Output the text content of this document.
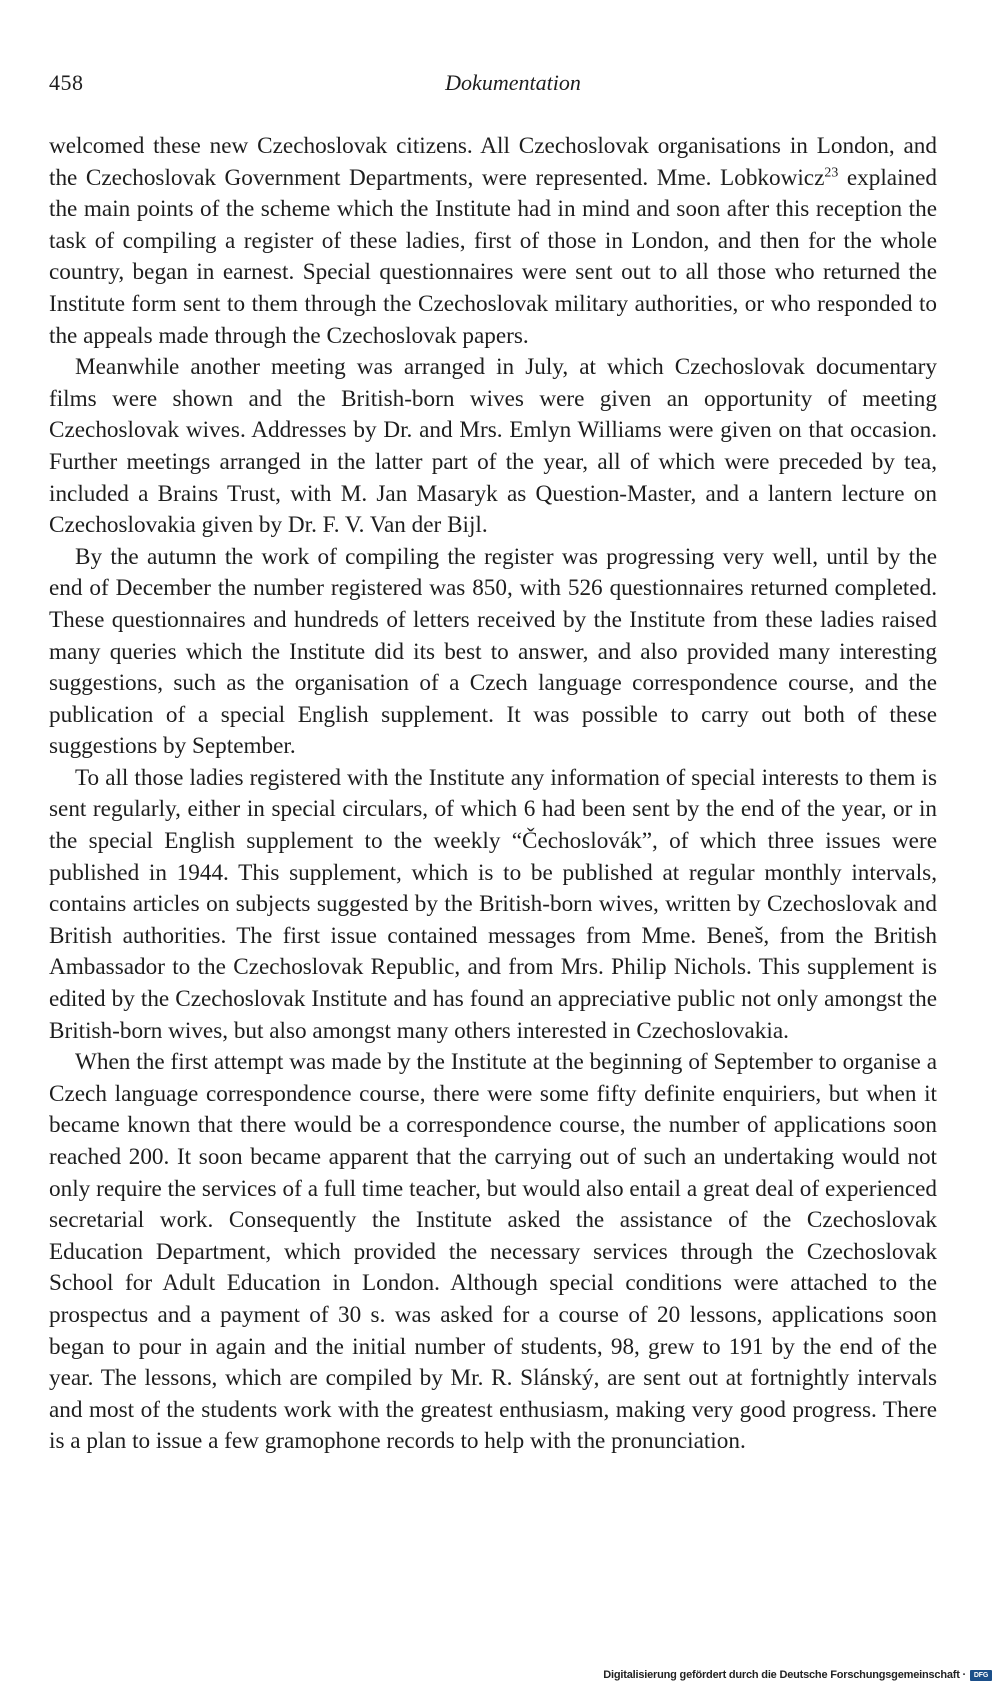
458	Dokumentation

welcomed these new Czechoslovak citizens. All Czechoslovak organisations in London, and the Czechoslovak Government Departments, were represented. Mme. Lobkowicz$^{23}$ explained the main points of the scheme which the Institute had in mind and soon after this reception the task of compiling a register of these ladies, first of those in London, and then for the whole country, began in earnest. Special questionnaires were sent out to all those who returned the Institute form sent to them through the Czechoslovak military authorities, or who responded to the appeals made through the Czechoslovak papers.

Meanwhile another meeting was arranged in July, at which Czechoslovak documentary films were shown and the British-born wives were given an opportunity of meeting Czechoslovak wives. Addresses by Dr. and Mrs. Emlyn Williams were given on that occasion. Further meetings arranged in the latter part of the year, all of which were preceded by tea, included a Brains Trust, with M. Jan Masaryk as Question-Master, and a lantern lecture on Czechoslovakia given by Dr. F. V. Van der Bijl.

By the autumn the work of compiling the register was progressing very well, until by the end of December the number registered was 850, with 526 questionnaires returned completed. These questionnaires and hundreds of letters received by the Institute from these ladies raised many queries which the Institute did its best to answer, and also provided many interesting suggestions, such as the organisation of a Czech language correspondence course, and the publication of a special English supplement. It was possible to carry out both of these suggestions by September.

To all those ladies registered with the Institute any information of special interests to them is sent regularly, either in special circulars, of which 6 had been sent by the end of the year, or in the special English supplement to the weekly “Čechoslovák”, of which three issues were published in 1944. This supplement, which is to be published at regular monthly intervals, contains articles on subjects suggested by the British-born wives, written by Czechoslovak and British authorities. The first issue contained messages from Mme. Beneš, from the British Ambassador to the Czechoslovak Republic, and from Mrs. Philip Nichols. This supplement is edited by the Czechoslovak Institute and has found an appreciative public not only amongst the British-born wives, but also amongst many others interested in Czechoslovakia.

When the first attempt was made by the Institute at the beginning of September to organise a Czech language correspondence course, there were some fifty definite enquiriers, but when it became known that there would be a correspondence course, the number of applications soon reached 200. It soon became apparent that the carrying out of such an undertaking would not only require the services of a full time teacher, but would also entail a great deal of experienced secretarial work. Consequently the Institute asked the assistance of the Czechoslovak Education Department, which provided the necessary services through the Czechoslovak School for Adult Education in London. Although special conditions were attached to the prospectus and a payment of 30 s. was asked for a course of 20 lessons, applications soon began to pour in again and the initial number of students, 98, grew to 191 by the end of the year. The lessons, which are compiled by Mr. R. Slánský, are sent out at fortnightly intervals and most of the students work with the greatest enthusiasm, making very good progress. There is a plan to issue a few gramophone records to help with the pronunciation.

Digitalisierung gefördert durch die Deutsche Forschungsgemeinschaft ·	DFG
